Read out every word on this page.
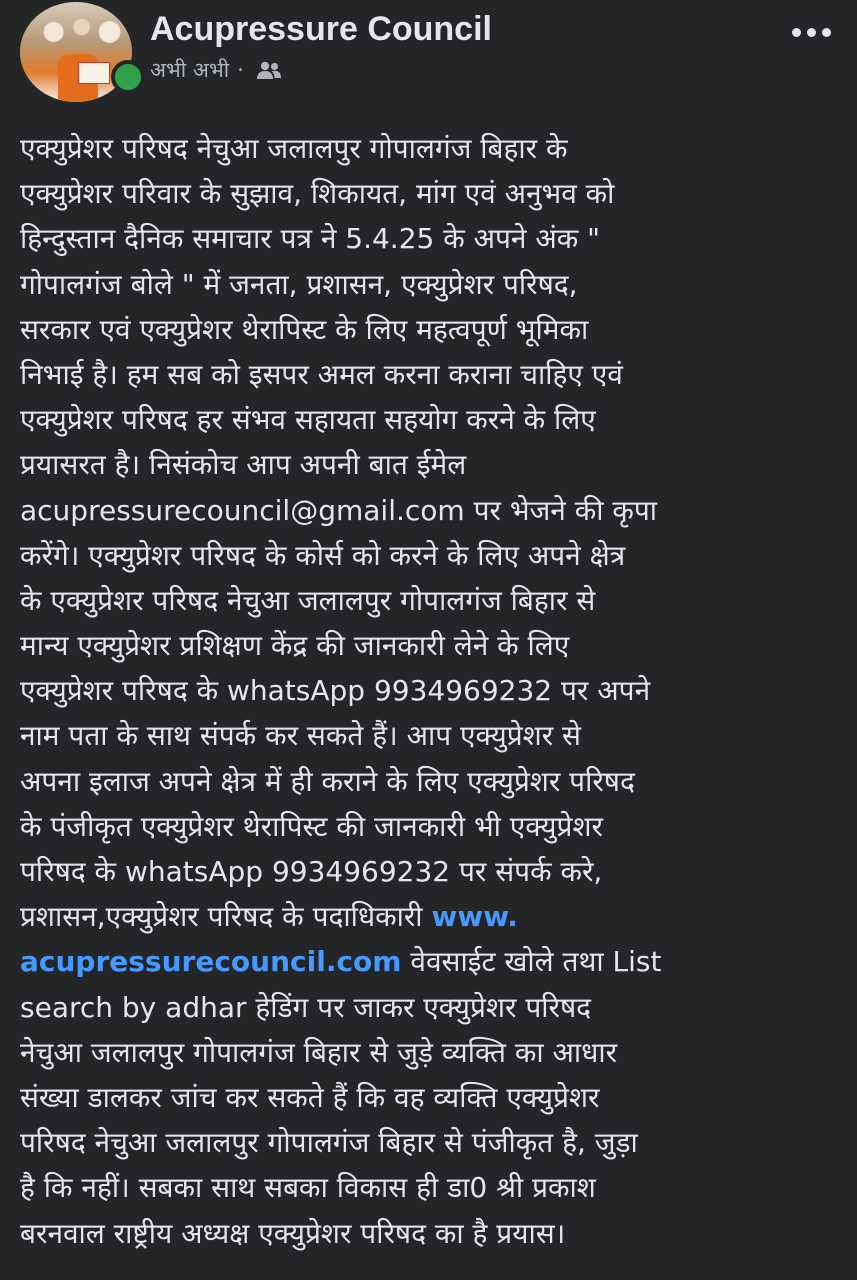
Acupressure Council
अभी अभी ·
एक्युप्रेशर परिषद नेचुआ जलालपुर गोपालगंज बिहार के
एक्युप्रेशर परिवार के सुझाव, शिकायत, मांग एवं अनुभव को
हिन्दुस्तान दैनिक समाचार पत्र ने 5.4.25 के अपने अंक "
गोपालगंज बोले " में जनता, प्रशासन, एक्युप्रेशर परिषद,
सरकार एवं एक्युप्रेशर थेरापिस्ट के लिए महत्वपूर्ण भूमिका
निभाई है। हम सब को इसपर अमल करना कराना चाहिए एवं
एक्युप्रेशर परिषद हर संभव सहायता सहयोग करने के लिए
प्रयासरत है। निसंकोच आप अपनी बात ईमेल
acupressurecouncil@gmail.com पर भेजने की कृपा
करेंगे। एक्युप्रेशर परिषद के कोर्स को करने के लिए अपने क्षेत्र
के एक्युप्रेशर परिषद नेचुआ जलालपुर गोपालगंज बिहार से
मान्य एक्युप्रेशर प्रशिक्षण केंद्र की जानकारी लेने के लिए
एक्युप्रेशर परिषद के whatsApp 9934969232 पर अपने
नाम पता के साथ संपर्क कर सकते हैं। आप एक्युप्रेशर से
अपना इलाज अपने क्षेत्र में ही कराने के लिए एक्युप्रेशर परिषद
के पंजीकृत एक्युप्रेशर थेरापिस्ट की जानकारी भी एक्युप्रेशर
परिषद के whatsApp 9934969232 पर संपर्क करे,
प्रशासन,एक्युप्रेशर परिषद के पदाधिकारी www.
acupressurecouncil.com वेवसाईट खोले तथा List
search by adhar हेडिंग पर जाकर एक्युप्रेशर परिषद
नेचुआ जलालपुर गोपालगंज बिहार से जुड़े व्यक्ति का आधार
संख्या डालकर जांच कर सकते हैं कि वह व्यक्ति एक्युप्रेशर
परिषद नेचुआ जलालपुर गोपालगंज बिहार से पंजीकृत है, जुड़ा
है कि नहीं। सबका साथ सबका विकास ही डा0 श्री प्रकाश
बरनवाल राष्ट्रीय अध्यक्ष एक्युप्रेशर परिषद का है प्रयास।
